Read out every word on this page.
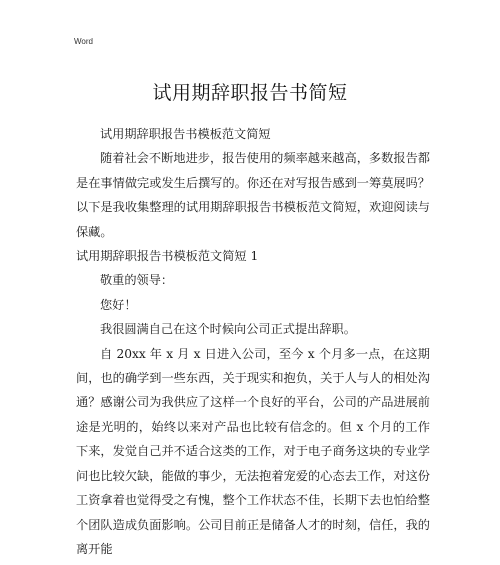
Word
试用期辞职报告书简短

试用期辞职报告书模板范文简短

随着社会不断地进步，报告使用的频率越来越高，多数报告都是在事情做完或发生后撰写的。你还在对写报告感到一筹莫展吗？以下是我收集整理的试用期辞职报告书模板范文简短，欢迎阅读与保藏。

试用期辞职报告书模板范文简短 1

敬重的领导：

您好！

我很圆满自己在这个时候向公司正式提出辞职。

自 20xx 年 x 月 x 日进入公司，至今 x 个月多一点，在这期间，也的确学到一些东西，关于现实和抱负，关于人与人的相处沟通？感谢公司为我供应了这样一个良好的平台，公司的产品进展前途是光明的，始终以来对产品也比较有信念的。但 x 个月的工作下来，发觉自己并不适合这类的工作，对于电子商务这块的专业学问也比较欠缺，能做的事少，无法抱着宠爱的心态去工作，对这份工资拿着也觉得受之有愧，整个工作状态不佳，长期下去也怕给整个团队造成负面影响。公司目前正是储备人才的时刻，信任，我的离开能
